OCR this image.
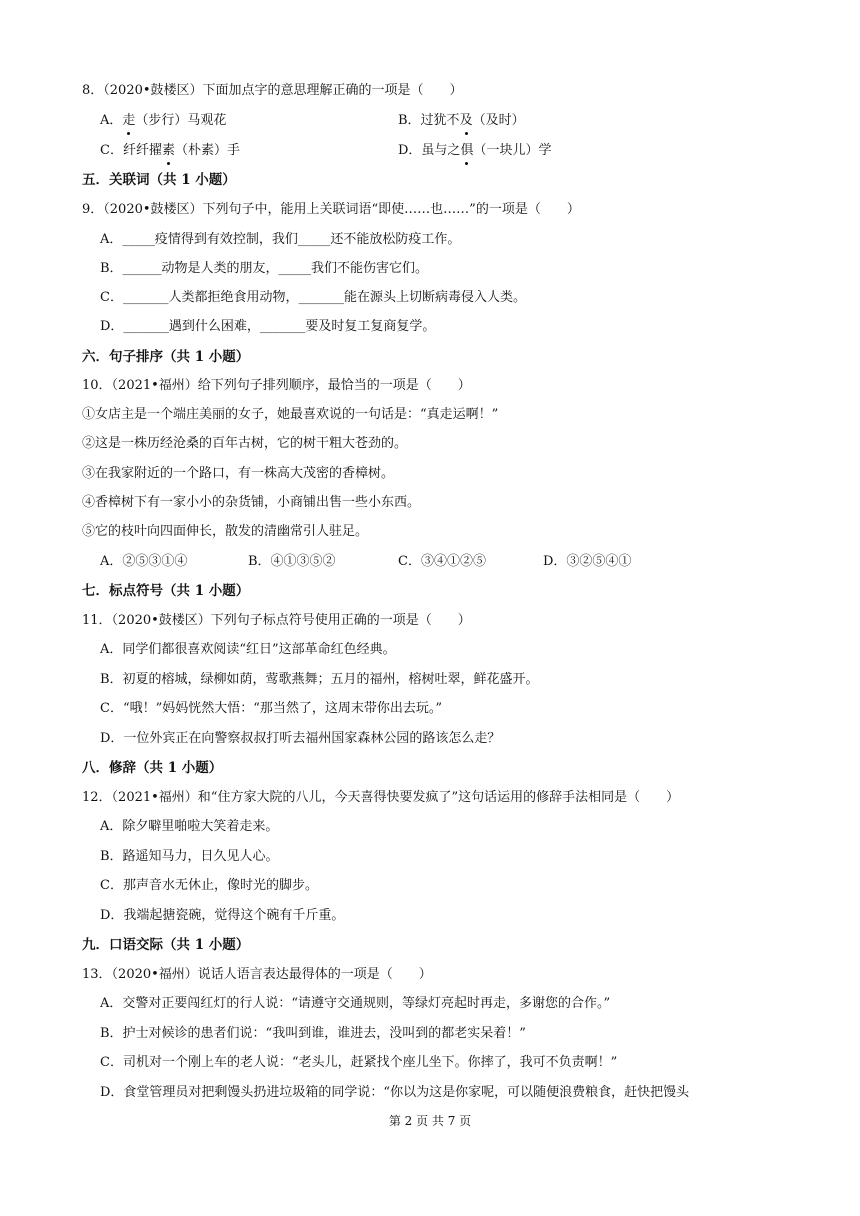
8．（2020•鼓楼区）下面加点字的意思理解正确的一项是（　　）
A．走（步行）马观花	B．过犹不及（及时）
C．纤纤擢素（朴素）手	D．虽与之俱（一块儿）学
五．关联词（共 1 小题）
9．（2020•鼓楼区）下列句子中，能用上关联词语“即使……也……”的一项是（　　）
A．_____疫情得到有效控制，我们_____还不能放松防疫工作。
B．______动物是人类的朋友，_____我们不能伤害它们。
C．_______人类都拒绝食用动物，_______能在源头上切断病毒侵入人类。
D．_______遇到什么困难，_______要及时复工复商复学。
六．句子排序（共 1 小题）
10．（2021•福州）给下列句子排列顺序，最恰当的一项是（　　）
①女店主是一个端庄美丽的女子，她最喜欢说的一句话是：“真走运啊！”
②这是一株历经沧桑的百年古树，它的树干粗大苍劲的。
③在我家附近的一个路口，有一株高大茂密的香樟树。
④香樟树下有一家小小的杂货铺，小商铺出售一些小东西。
⑤它的枝叶向四面伸长，散发的清幽常引人驻足。
A．②⑤③①④	B．④①③⑤②	C．③④①②⑤	D．③②⑤④①
七．标点符号（共 1 小题）
11．（2020•鼓楼区）下列句子标点符号使用正确的一项是（　　）
A．同学们都很喜欢阅读“红日”这部革命红色经典。
B．初夏的榕城，绿柳如荫，莺歌燕舞；五月的福州，榕树吐翠，鲜花盛开。
C．“哦！”妈妈恍然大悟：“那当然了，这周末带你出去玩。”
D．一位外宾正在向警察叔叔打听去福州国家森林公园的路该怎么走？
八．修辞（共 1 小题）
12．（2021•福州）和“住方家大院的八儿，今天喜得快要发疯了”这句话运用的修辞手法相同是（　　）
A．除夕噼里啪啦大笑着走来。
B．路遥知马力，日久见人心。
C．那声音水无休止，像时光的脚步。
D．我端起搪瓷碗，觉得这个碗有千斤重。
九．口语交际（共 1 小题）
13．（2020•福州）说话人语言表达最得体的一项是（　　）
A．交警对正要闯红灯的行人说：“请遵守交通规则，等绿灯亮起时再走，多谢您的合作。”
B．护士对候诊的患者们说：“我叫到谁，谁进去，没叫到的都老实呆着！”
C．司机对一个刚上车的老人说：“老头儿，赶紧找个座儿坐下。你摔了，我可不负责啊！”
D．食堂管理员对把剩馒头扔进垃圾箱的同学说：“你以为这是你家呢，可以随便浪费粮食，赶快把馒头
第 2 页 共 7 页
